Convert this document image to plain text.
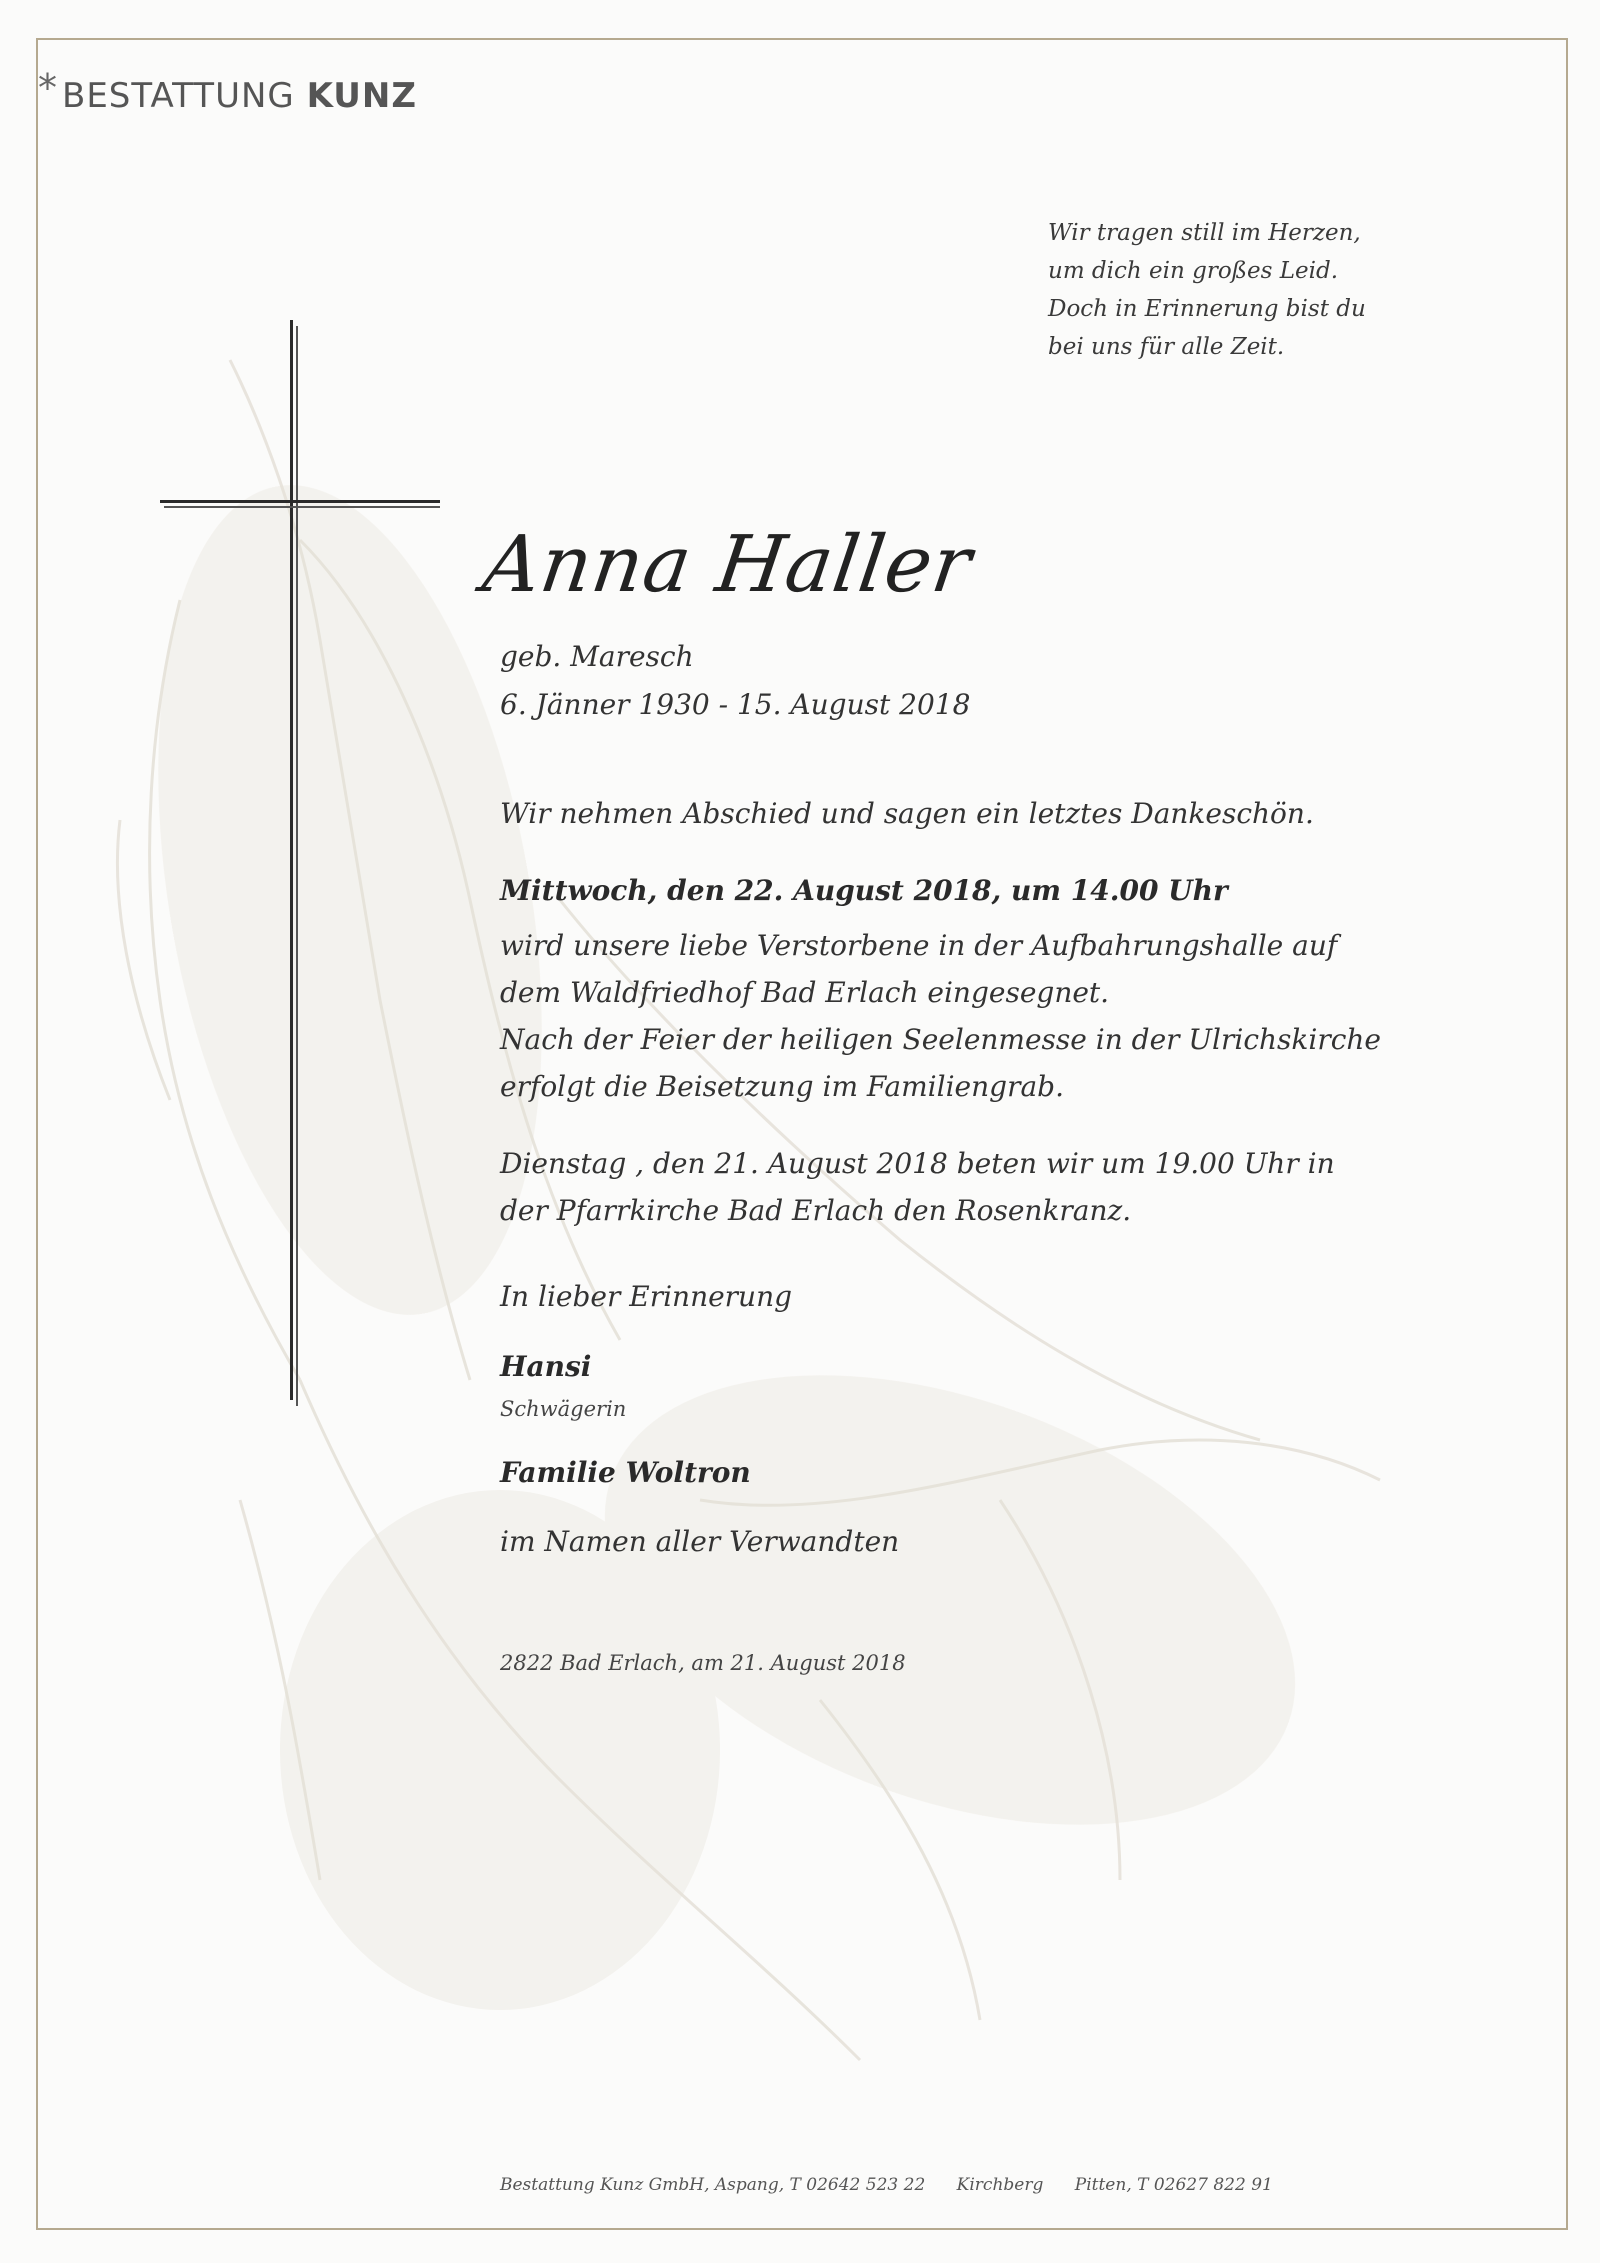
* BESTATTUNG KUNZ
Wir tragen still im Herzen,
um dich ein großes Leid.
Doch in Erinnerung bist du
bei uns für alle Zeit.
Anna Haller
geb. Maresch
6. Jänner 1930 - 15. August 2018
Wir nehmen Abschied und sagen ein letztes Dankeschön.
Mittwoch, den 22. August 2018, um 14.00 Uhr
wird unsere liebe Verstorbene in der Aufbahrungshalle auf
dem Waldfriedhof Bad Erlach eingesegnet.
Nach der Feier der heiligen Seelenmesse in der Ulrichskirche
erfolgt die Beisetzung im Familiengrab.
Dienstag , den 21. August 2018 beten wir um 19.00 Uhr in
der Pfarrkirche Bad Erlach den Rosenkranz.
In lieber Erinnerung
Hansi
Schwägerin
Familie Woltron
im Namen aller Verwandten
2822 Bad Erlach, am 21. August 2018
Bestattung Kunz GmbH, Aspang, T 02642 523 22 Kirchberg Pitten, T 02627 822 91
